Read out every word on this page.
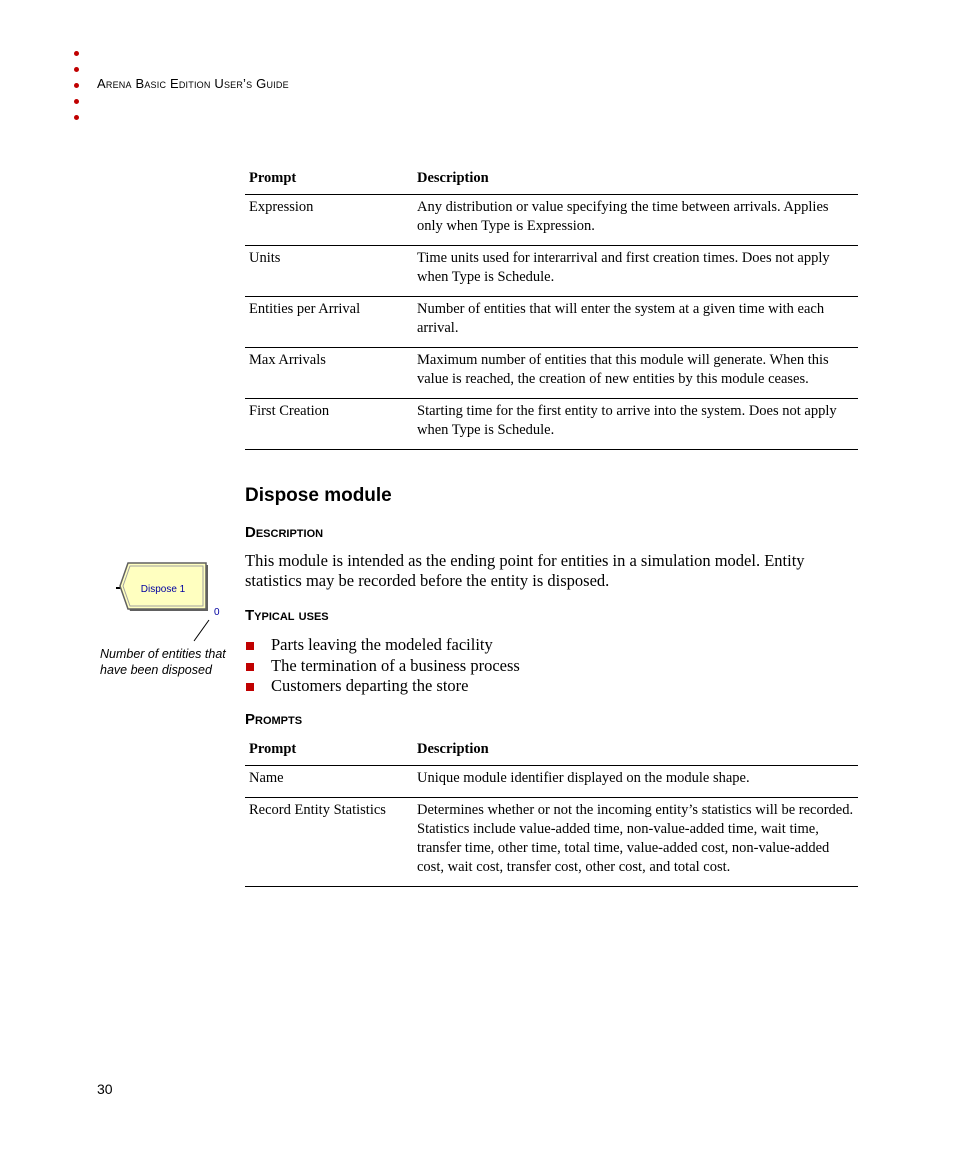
Arena Basic Edition User’s Guide
Prompt	Description
Expression	Any distribution or value specifying the time between arrivals. Applies only when Type is Expression.
Units	Time units used for interarrival and first creation times. Does not apply when Type is Schedule.
Entities per Arrival	Number of entities that will enter the system at a given time with each arrival.
Max Arrivals	Maximum number of entities that this module will generate. When this value is reached, the creation of new entities by this module ceases.
First Creation	Starting time for the first entity to arrive into the system. Does not apply when Type is Schedule.
Dispose module
Description
This module is intended as the ending point for entities in a simulation model. Entity statistics may be recorded before the entity is disposed.
Dispose 1
0
Number of entities that have been disposed
Typical uses
Parts leaving the modeled facility
The termination of a business process
Customers departing the store
Prompts
Prompt	Description
Name	Unique module identifier displayed on the module shape.
Record Entity Statistics	Determines whether or not the incoming entity’s statistics will be recorded. Statistics include value-added time, non-value-added time, wait time, transfer time, other time, total time, value-added cost, non-value-added cost, wait cost, transfer cost, other cost, and total cost.
30
